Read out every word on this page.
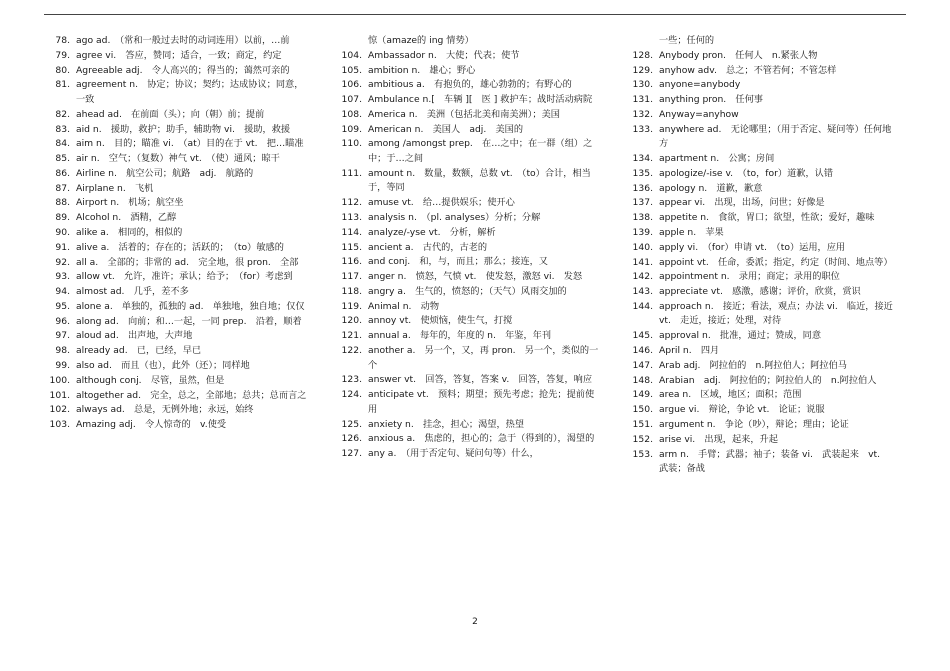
78. ago ad.　（常和一般过去时的动词连用）以前，…前
79. agree vi.　答应，赞同；适合，一致；商定，约定
80. Agreeable adj.　令人高兴的；得当的；蔼然可亲的
81. agreement n.　协定；协议；契约；达成协议；同意，一致
82. ahead ad.　在前面（头）；向（朝）前；提前
83. aid n.　援助，救护；助手，辅助物 vi.　援助，救援
84. aim n.　目的；瞄准 vi.　（at）目的在于 vt.　把…瞄准
85. air n.　空气；（复数）神气 vt.　（使）通风；晾干
86. Airline n.　航空公司；航路　adj.　航路的
87. Airplane n.　飞机
88. Airport n.　机场；航空坐
89. Alcohol n.　酒精，乙醇
90. alike a.　相同的，相似的
91. alive a.　活着的；存在的；活跃的；　（to）敏感的
92. all a.　全部的；非常的 ad.　完全地，很 pron.　全部
93. allow vt.　允许，准许；承认；给予；　（for）考虑到
94. almost ad.　几乎，差不多
95. alone a.　单独的，孤独的 ad.　单独地，独自地；仅仅
96. along ad.　向前；和…一起，一同 prep.　沿着，顺着
97. aloud ad.　出声地，大声地
98. already ad.　已，已经，早已
99. also ad.　而且（也），此外（还）；同样地
100. although conj.　尽管，虽然，但是
101. altogether ad.　完全，总之，全部地；总共；总而言之
102. always ad.　总是，无例外地；永远，始终
103. Amazing adj.　令人惊奇的　v.使受
惊（amaze的 ing 情势）
104. Ambassador n.　大使；代表；使节
105. ambition n.　雄心；野心
106. ambitious a.　有抱负的，雄心勃勃的；有野心的
107. Ambulance n.[　车辆 ][　医 ] 救护车；战时活动病院
108. America n.　美洲（包括北美和南美洲）；美国
109. American n.　美国人　adj.　美国的
110. among /amongst prep.　在…之中；在一群（组）之中；于…之间
111. amount n.　数量，数额，总数 vt.　（to）合计，相当于，等同
112. amuse vt.　给…提供娱乐；使开心
113. analysis n.　（pl. analyses）分析；分解
114. analyze/-yse vt.　分析，解析
115. ancient a.　古代的，古老的
116. and conj.　和，与，而且；那么；接连，又
117. anger n.　愤怒，气愤 vt.　使发怒，激怒 vi.　发怒
118. angry a.　生气的，愤怒的；（天气）风雨交加的
119. Animal n.　动物
120. annoy vt.　使烦恼，使生气，打搅
121. annual a.　每年的，年度的 n.　年鉴，年刊
122. another a.　另一个，又，再 pron.　另一个，类似的一个
123. answer vt.　回答，答复，答案 v.　回答，答复，响应
124. anticipate vt.　预料；期望；预先考虑；抢先；提前使用
125. anxiety n.　挂念，担心；渴望，热望
126. anxious a.　焦虑的，担心的；急于（得到的），渴望的
127. any a.　（用于否定句、疑问句等）什么，
一些；任何的
128. Anybody pron.　任何人　n.紧张人物
129. anyhow adv.　总之；不管若何；不管怎样
130. anyone=anybody
131. anything pron.　任何事
132. Anyway=anyhow
133. anywhere ad.　无论哪里；（用于否定、疑问等）任何地方
134. apartment n.　公寓；房间
135. apologize/-ise v.　（to，for）道歉，认错
136. apology n.　道歉，歉意
137. appear vi.　出现，出场，问世；好像是
138. appetite n.　食欲，胃口；欲望，性欲；爱好，趣味
139. apple n.　苹果
140. apply vi.　（for）申请 vt.　（to）运用，应用
141. appoint vt.　任命，委派；指定，约定（时间、地点等）
142. appointment n.　录用；商定；录用的职位
143. appreciate vt.　感激，感谢；评价，欣赏，赏识
144. approach n.　接近；看法，观点；办法 vi.　临近，接近 vt.　走近，接近；处理，对待
145. approval n.　批准，通过；赞成，同意
146. April n.　四月
147. Arab adj.　阿拉伯的　n.阿拉伯人；阿拉伯马
148. Arabian　adj.　阿拉伯的；阿拉伯人的　n.阿拉伯人
149. area n.　区域，地区；面积；范围
150. argue vi.　辩论，争论 vt.　论证；说服
151. argument n.　争论（吵），辩论；理由；论证
152. arise vi.　出现，起来，升起
153. arm n.　手臂；武器；袖子；装备 vi.　武装起来　vt.　武装；备战
2
